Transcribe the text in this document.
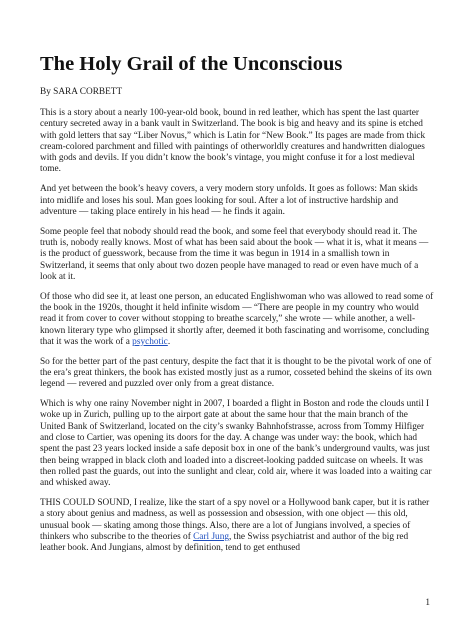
The Holy Grail of the Unconscious
By SARA CORBETT

This is a story about a nearly 100-year-old book, bound in red leather, which has spent the last quarter century secreted away in a bank vault in Switzerland. The book is big and heavy and its spine is etched with gold letters that say “Liber Novus,” which is Latin for “New Book.” Its pages are made from thick cream-colored parchment and filled with paintings of otherworldly creatures and handwritten dialogues with gods and devils. If you didn’t know the book’s vintage, you might confuse it for a lost medieval tome.

And yet between the book’s heavy covers, a very modern story unfolds. It goes as follows: Man skids into midlife and loses his soul. Man goes looking for soul. After a lot of instructive hardship and adventure — taking place entirely in his head — he finds it again.

Some people feel that nobody should read the book, and some feel that everybody should read it. The truth is, nobody really knows. Most of what has been said about the book — what it is, what it means — is the product of guesswork, because from the time it was begun in 1914 in a smallish town in Switzerland, it seems that only about two dozen people have managed to read or even have much of a look at it.

Of those who did see it, at least one person, an educated Englishwoman who was allowed to read some of the book in the 1920s, thought it held infinite wisdom — “There are people in my country who would read it from cover to cover without stopping to breathe scarcely,” she wrote — while another, a well-known literary type who glimpsed it shortly after, deemed it both fascinating and worrisome, concluding that it was the work of a psychotic.

So for the better part of the past century, despite the fact that it is thought to be the pivotal work of one of the era’s great thinkers, the book has existed mostly just as a rumor, cosseted behind the skeins of its own legend — revered and puzzled over only from a great distance.

Which is why one rainy November night in 2007, I boarded a flight in Boston and rode the clouds until I woke up in Zurich, pulling up to the airport gate at about the same hour that the main branch of the United Bank of Switzerland, located on the city’s swanky Bahnhofstrasse, across from Tommy Hilfiger and close to Cartier, was opening its doors for the day. A change was under way: the book, which had spent the past 23 years locked inside a safe deposit box in one of the bank’s underground vaults, was just then being wrapped in black cloth and loaded into a discreet-looking padded suitcase on wheels. It was then rolled past the guards, out into the sunlight and clear, cold air, where it was loaded into a waiting car and whisked away.

THIS COULD SOUND, I realize, like the start of a spy novel or a Hollywood bank caper, but it is rather a story about genius and madness, as well as possession and obsession, with one object — this old, unusual book — skating among those things. Also, there are a lot of Jungians involved, a species of thinkers who subscribe to the theories of Carl Jung, the Swiss psychiatrist and author of the big red leather book. And Jungians, almost by definition, tend to get enthused

1
